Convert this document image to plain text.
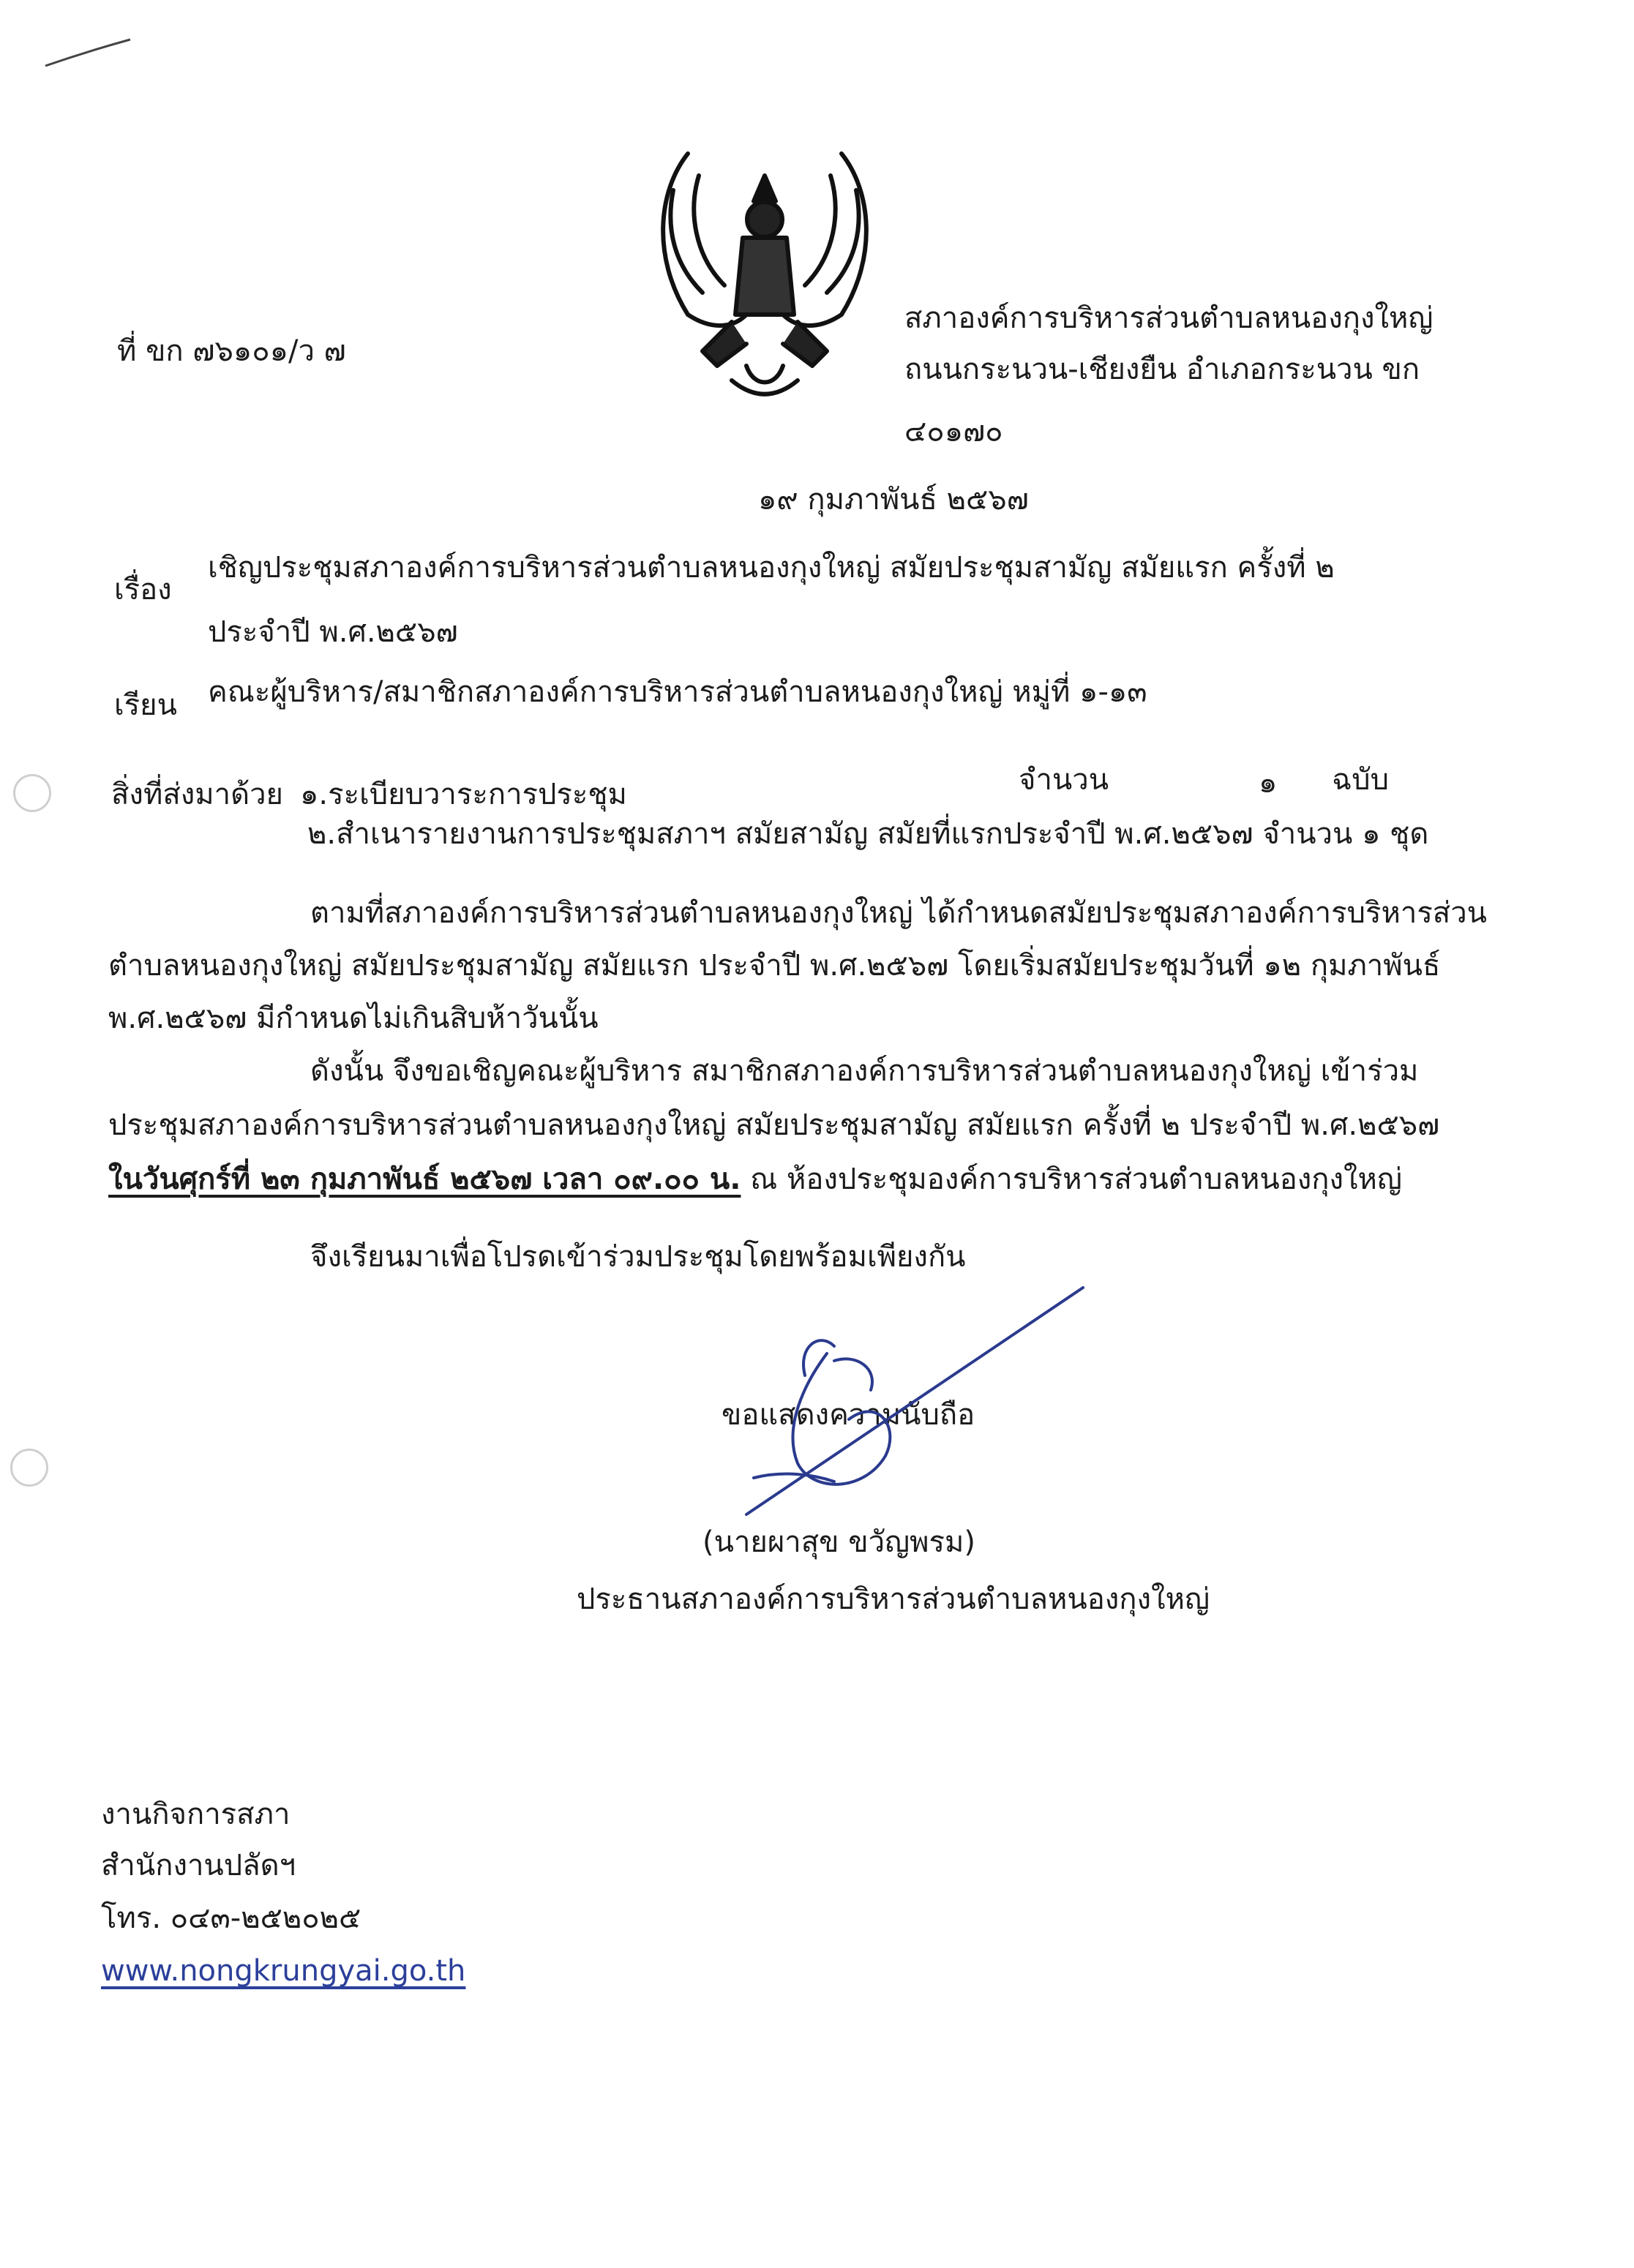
ที่ ขก ๗๖๑๐๑/ว ๗
สภาองค์การบริหารส่วนตำบลหนองกุงใหญ่
ถนนกระนวน-เชียงยืน อำเภอกระนวน ขก
๔๐๑๗๐
๑๙ กุมภาพันธ์ ๒๕๖๗
เรื่อง
เชิญประชุมสภาองค์การบริหารส่วนตำบลหนองกุงใหญ่ สมัยประชุมสามัญ สมัยแรก ครั้งที่ ๒
ประจำปี พ.ศ.๒๕๖๗
เรียน คณะผู้บริหาร/สมาชิกสภาองค์การบริหารส่วนตำบลหนองกุงใหญ่ หมู่ที่ ๑-๑๓
สิ่งที่ส่งมาด้วย ๑.ระเบียบวาระการประชุม	จำนวน	๑ ฉบับ
๒.สำเนารายงานการประชุมสภาฯ สมัยสามัญ สมัยที่แรกประจำปี พ.ศ.๒๕๖๗ จำนวน ๑ ชุด
ตามที่สภาองค์การบริหารส่วนตำบลหนองกุงใหญ่ ได้กำหนดสมัยประชุมสภาองค์การบริหารส่วน
ตำบลหนองกุงใหญ่ สมัยประชุมสามัญ สมัยแรก ประจำปี พ.ศ.๒๕๖๗ โดยเริ่มสมัยประชุมวันที่ ๑๒ กุมภาพันธ์
พ.ศ.๒๕๖๗ มีกำหนดไม่เกินสิบห้าวันนั้น
ดังนั้น จึงขอเชิญคณะผู้บริหาร สมาชิกสภาองค์การบริหารส่วนตำบลหนองกุงใหญ่ เข้าร่วม
ประชุมสภาองค์การบริหารส่วนตำบลหนองกุงใหญ่ สมัยประชุมสามัญ สมัยแรก ครั้งที่ ๒ ประจำปี พ.ศ.๒๕๖๗
ในวันศุกร์ที่ ๒๓ กุมภาพันธ์ ๒๕๖๗ เวลา ๐๙.๐๐ น. ณ ห้องประชุมองค์การบริหารส่วนตำบลหนองกุงใหญ่
จึงเรียนมาเพื่อโปรดเข้าร่วมประชุมโดยพร้อมเพียงกัน
ขอแสดงความนับถือ
(นายผาสุข ขวัญพรม)
ประธานสภาองค์การบริหารส่วนตำบลหนองกุงใหญ่
งานกิจการสภา
สำนักงานปลัดฯ
โทร. ๐๔๓-๒๕๒๐๒๕
www.nongkrungyai.go.th
